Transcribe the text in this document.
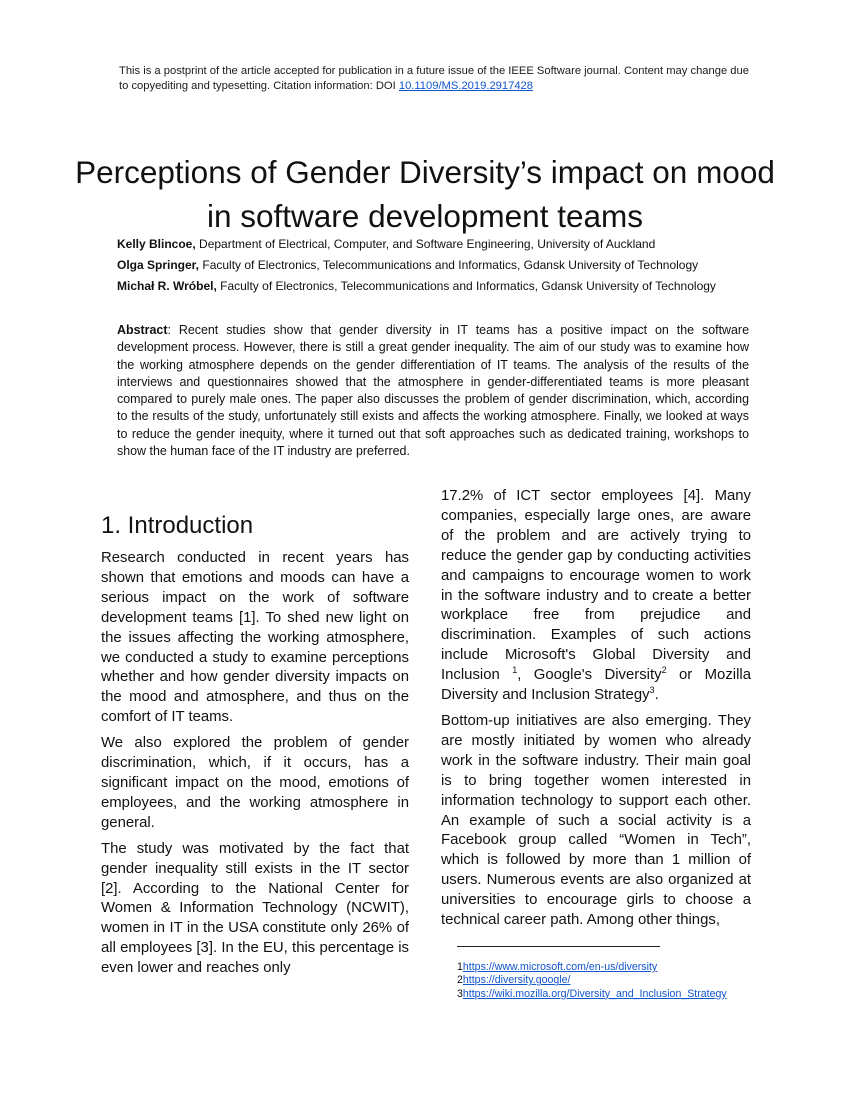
This is a postprint of the article accepted for publication in a future issue of the IEEE Software journal. Content may change due to copyediting and typesetting. Citation information: DOI 10.1109/MS.2019.2917428
Perceptions of Gender Diversity’s impact on mood in software development teams
Kelly Blincoe, Department of Electrical, Computer, and Software Engineering, University of Auckland
Olga Springer, Faculty of Electronics, Telecommunications and Informatics, Gdansk University of Technology
Michał R. Wróbel, Faculty of Electronics, Telecommunications and Informatics, Gdansk University of Technology
Abstract: Recent studies show that gender diversity in IT teams has a positive impact on the software development process. However, there is still a great gender inequality. The aim of our study was to examine how the working atmosphere depends on the gender differentiation of IT teams. The analysis of the results of the interviews and questionnaires showed that the atmosphere in gender-differentiated teams is more pleasant compared to purely male ones. The paper also discusses the problem of gender discrimination, which, according to the results of the study, unfortunately still exists and affects the working atmosphere. Finally, we looked at ways to reduce the gender inequity, where it turned out that soft approaches such as dedicated training, workshops to show the human face of the IT industry are preferred.
1. Introduction

Research conducted in recent years has shown that emotions and moods can have a serious impact on the work of software development teams [1]. To shed new light on the issues affecting the working atmosphere, we conducted a study to examine perceptions whether and how gender diversity impacts on the mood and atmosphere, and thus on the comfort of IT teams.

We also explored the problem of gender discrimination, which, if it occurs, has a significant impact on the mood, emotions of employees, and the working atmosphere in general.

The study was motivated by the fact that gender inequality still exists in the IT sector [2]. According to the National Center for Women & Information Technology (NCWIT), women in IT in the USA constitute only 26% of all employees [3]. In the EU, this percentage is even lower and reaches only

17.2% of ICT sector employees [4]. Many companies, especially large ones, are aware of the problem and are actively trying to reduce the gender gap by conducting activities and campaigns to encourage women to work in the software industry and to create a better workplace free from prejudice and discrimination. Examples of such actions include Microsoft's Global Diversity and Inclusion $^1$, Google's Diversity$^2$ or Mozilla Diversity and Inclusion Strategy$^3$.

Bottom-up initiatives are also emerging. They are mostly initiated by women who already work in the software industry. Their main goal is to bring together women interested in information technology to support each other. An example of such a social activity is a Facebook group called “Women in Tech”, which is followed by more than 1 million of users. Numerous events are also organized at universities to encourage girls to choose a technical career path. Among other things,

1https://www.microsoft.com/en-us/diversity
2https://diversity.google/
3https://wiki.mozilla.org/Diversity_and_Inclusion_Strategy
